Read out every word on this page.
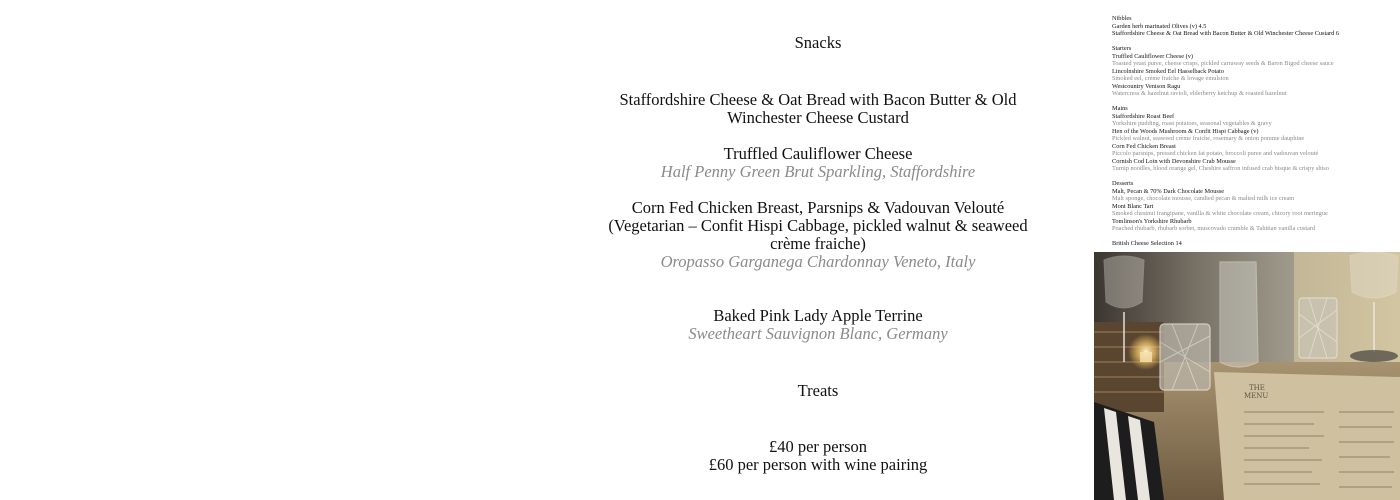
Snacks
Staffordshire Cheese & Oat Bread with Bacon Butter & Old
Winchester Cheese Custard
Truffled Cauliflower Cheese
Half Penny Green Brut Sparkling, Staffordshire
Corn Fed Chicken Breast, Parsnips & Vadouvan Velouté
(Vegetarian – Confit Hispi Cabbage, pickled walnut & seaweed
crème fraiche)
Oropasso Garganega Chardonnay Veneto, Italy
Baked Pink Lady Apple Terrine
Sweetheart Sauvignon Blanc, Germany
Treats
£40 per person
£60 per person with wine pairing
Nibbles
Garden herb marinated Olives (v) 4.5
Staffordshire Cheese & Oat Bread with Bacon Butter & Old Winchester Cheese Custard 6
Starters
Truffled Cauliflower Cheese (v)
Toasted yeast puree, cheese crisps, pickled carraway seeds & Baron Bigod cheese sauce
Lincolnshire Smoked Eel Hasselback Potato
Smoked eel, crème fraiche & lovage emulsion
Westcountry Venison Ragu
Watercress & hazelnut ravioli, elderberry ketchup & roasted hazelnut
Mains
Staffordshire Roast Beef
Yorkshire pudding, roast potatoes, seasonal vegetables & gravy
Hen of the Woods Mushroom & Confit Hispi Cabbage (v)
Pickled walnut, seaweed crème fraiche, rosemary & onion pomme dauphine
Corn Fed Chicken Breast
Piccolo parsnips, pressed chicken fat potato, broccoli puree and vadouvan velouté
Cornish Cod Loin with Devonshire Crab Mousse
Turnip noodles, blood orange gel, Cheshire saffron infused crab bisque & crispy shiso
Desserts
Malt, Pecan & 70% Dark Chocolate Mousse
Malt sponge, chocolate mousse, candied pecan & malted milk ice cream
Mont Blanc Tart
Smoked chestnut frangipane, vanilla & white chocolate cream, chicory root meringue
Tomlinson's Yorkshire Rhubarb
Poached rhubarb, rhubarb sorbet, muscovado crumble & Tahitian vanilla custard
British Cheese Selection 14
THE MENU
